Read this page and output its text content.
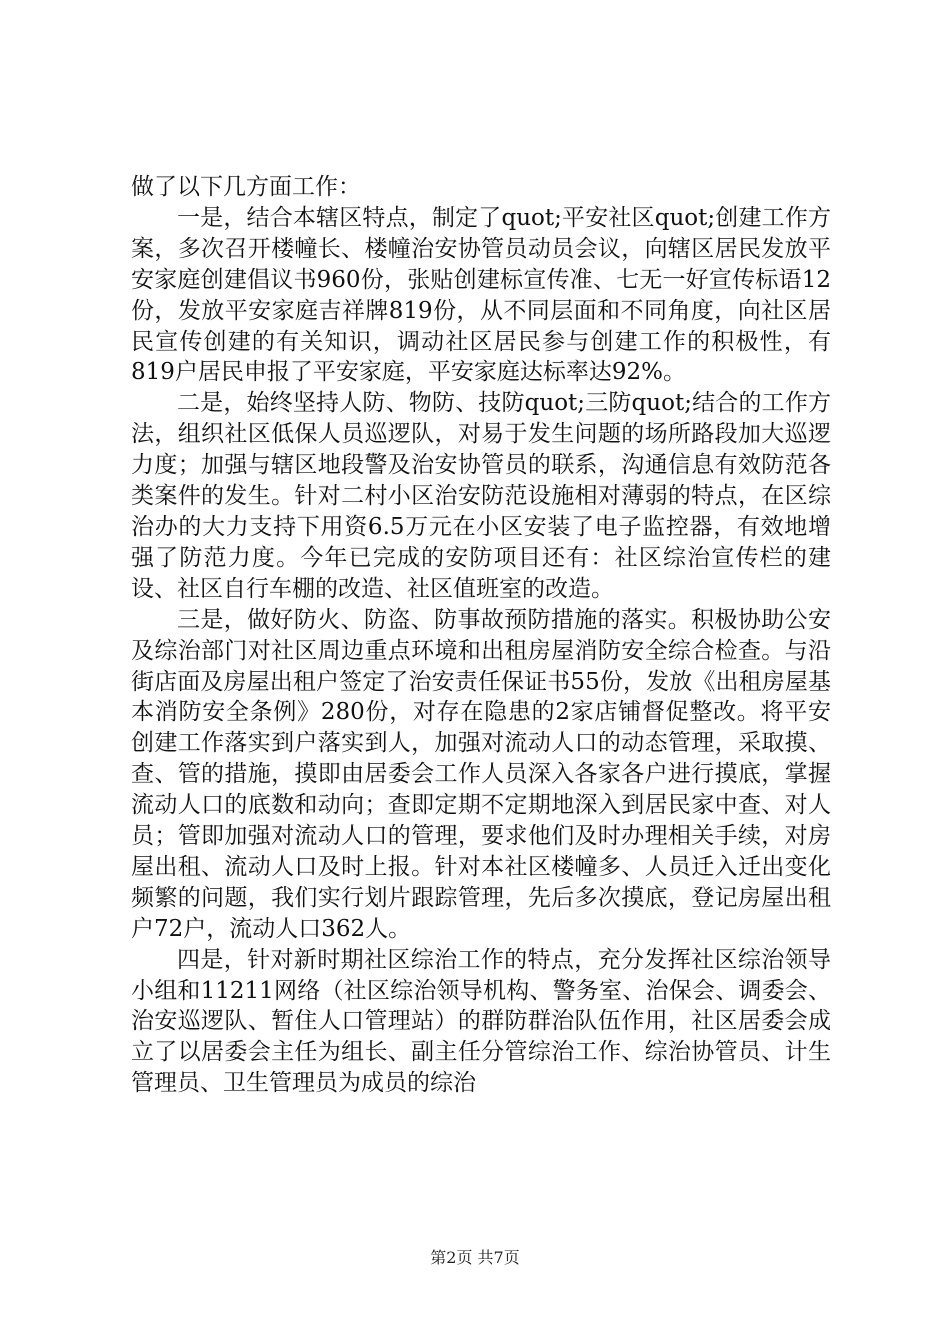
做了以下几方面工作：

一是，结合本辖区特点，制定了quot;平安社区quot;创建工作方案，多次召开楼幢长、楼幢治安协管员动员会议，向辖区居民发放平安家庭创建倡议书960份，张贴创建标宣传准、七无一好宣传标语12份，发放平安家庭吉祥牌819份，从不同层面和不同角度，向社区居民宣传创建的有关知识，调动社区居民参与创建工作的积极性，有819户居民申报了平安家庭，平安家庭达标率达92%。

二是，始终坚持人防、物防、技防quot;三防quot;结合的工作方法，组织社区低保人员巡逻队，对易于发生问题的场所路段加大巡逻力度；加强与辖区地段警及治安协管员的联系，沟通信息有效防范各类案件的发生。针对二村小区治安防范设施相对薄弱的特点，在区综治办的大力支持下用资6.5万元在小区安装了电子监控器，有效地增强了防范力度。今年已完成的安防项目还有：社区综治宣传栏的建设、社区自行车棚的改造、社区值班室的改造。

三是，做好防火、防盗、防事故预防措施的落实。积极协助公安及综治部门对社区周边重点环境和出租房屋消防安全综合检查。与沿街店面及房屋出租户签定了治安责任保证书55份，发放《出租房屋基本消防安全条例》280份，对存在隐患的2家店铺督促整改。将平安创建工作落实到户落实到人，加强对流动人口的动态管理，采取摸、查、管的措施，摸即由居委会工作人员深入各家各户进行摸底，掌握流动人口的底数和动向；查即定期不定期地深入到居民家中查、对人员；管即加强对流动人口的管理，要求他们及时办理相关手续，对房屋出租、流动人口及时上报。针对本社区楼幢多、人员迁入迁出变化频繁的问题，我们实行划片跟踪管理，先后多次摸底，登记房屋出租户72户，流动人口362人。

四是，针对新时期社区综治工作的特点，充分发挥社区综治领导小组和11211网络（社区综治领导机构、警务室、治保会、调委会、治安巡逻队、暂住人口管理站）的群防群治队伍作用，社区居委会成立了以居委会主任为组长、副主任分管综治工作、综治协管员、计生管理员、卫生管理员为成员的综治

第2页 共7页
